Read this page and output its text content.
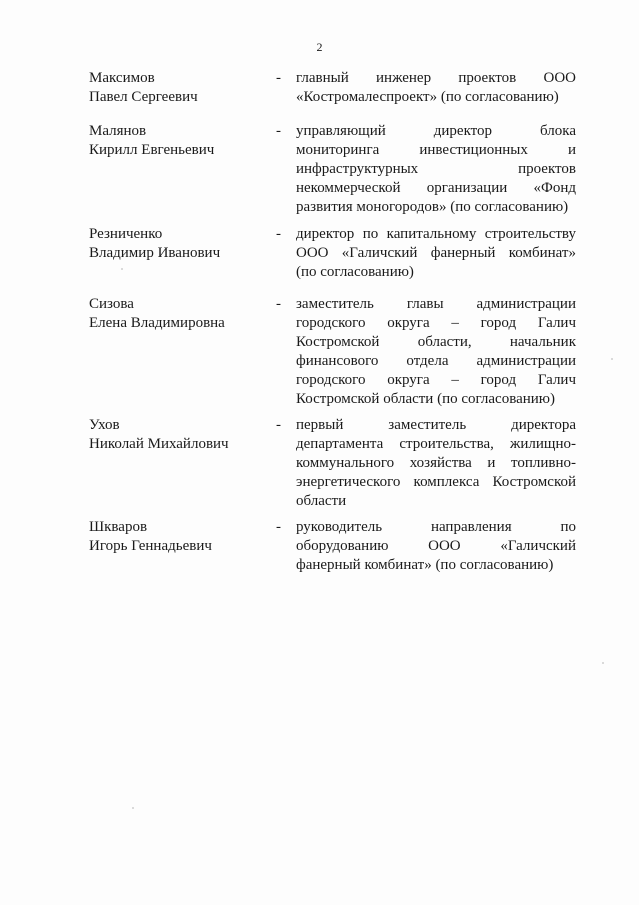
2
Максимов
Павел Сергеевич
-	главный инженер проектов ООО
«Костромалеспроект» (по согласованию)
Малянов
Кирилл Евгеньевич
-	управляющий директор блока
мониторинга инвестиционных и
инфраструктурных проектов
некоммерческой организации «Фонд
развития моногородов» (по согласованию)
Резниченко
Владимир Иванович
-	директор по капитальному строительству
ООО «Галичский фанерный комбинат»
(по согласованию)
Сизова
Елена Владимировна
-	заместитель главы администрации
городского округа – город Галич
Костромской области, начальник
финансового отдела администрации
городского округа – город Галич
Костромской области (по согласованию)
Ухов
Николай Михайлович
-	первый заместитель директора
департамента строительства, жилищно-
коммунального хозяйства и топливно-
энергетического комплекса Костромской
области
Шкваров
Игорь Геннадьевич
-	руководитель направления по
оборудованию ООО «Галичский
фанерный комбинат» (по согласованию)
